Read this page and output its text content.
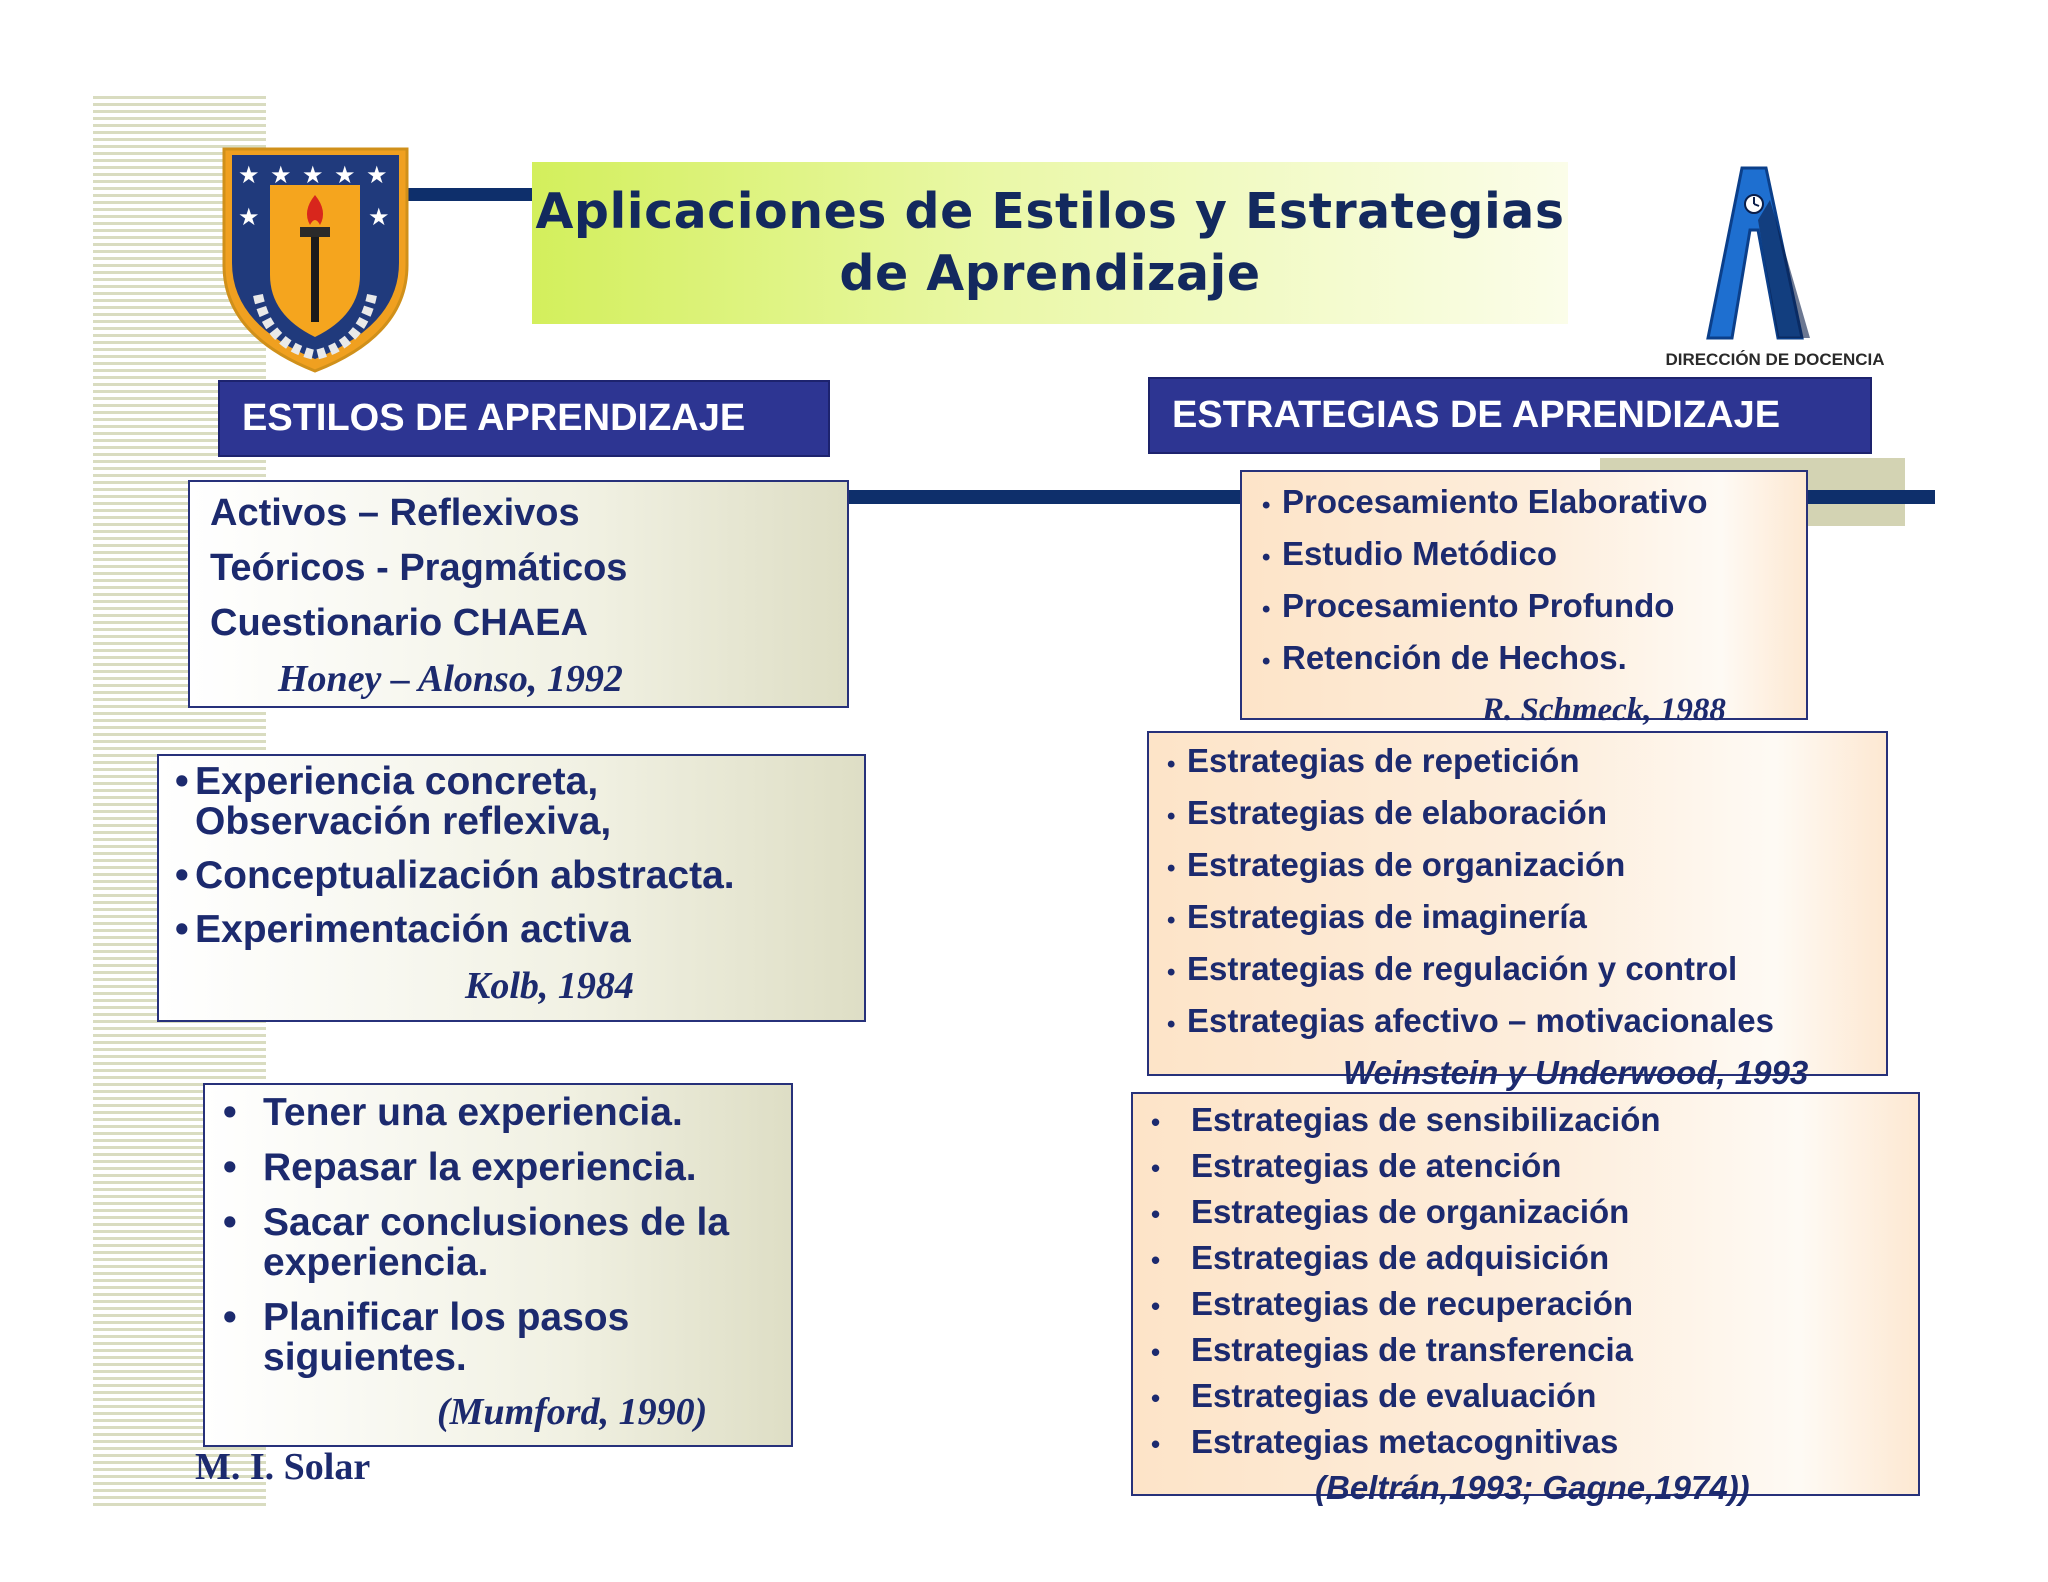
★ ★ ★ ★ ★
★	★	Aplicaciones de Estilos y Estrategias
de Aprendizaje
DIRECCIÓN DE DOCENCIA
ESTILOS DE APRENDIZAJE	ESTRATEGIAS DE APRENDIZAJE
Activos – Reflexivos
Teóricos - Pragmáticos
Cuestionario CHAEA
Honey – Alonso, 1992
• Experiencia concreta,
Observación reflexiva,
• Conceptualización abstracta.
• Experimentación activa
Kolb, 1984
• Tener una experiencia.
• Repasar la experiencia.
• Sacar conclusiones de la
experiencia.
• Planificar los pasos
siguientes.
(Mumford, 1990)
M. I. Solar
• Procesamiento Elaborativo
• Estudio Metódico
• Procesamiento Profundo
• Retención de Hechos.
R. Schmeck, 1988
• Estrategias de repetición
• Estrategias de elaboración
• Estrategias de organización
• Estrategias de imaginería
• Estrategias de regulación y control
• Estrategias afectivo – motivacionales
Weinstein y Underwood, 1993
• Estrategias de sensibilización
• Estrategias de atención
• Estrategias de organización
• Estrategias de adquisición
• Estrategias de recuperación
• Estrategias de transferencia
• Estrategias de evaluación
• Estrategias metacognitivas
(Beltrán,1993; Gagne,1974))
